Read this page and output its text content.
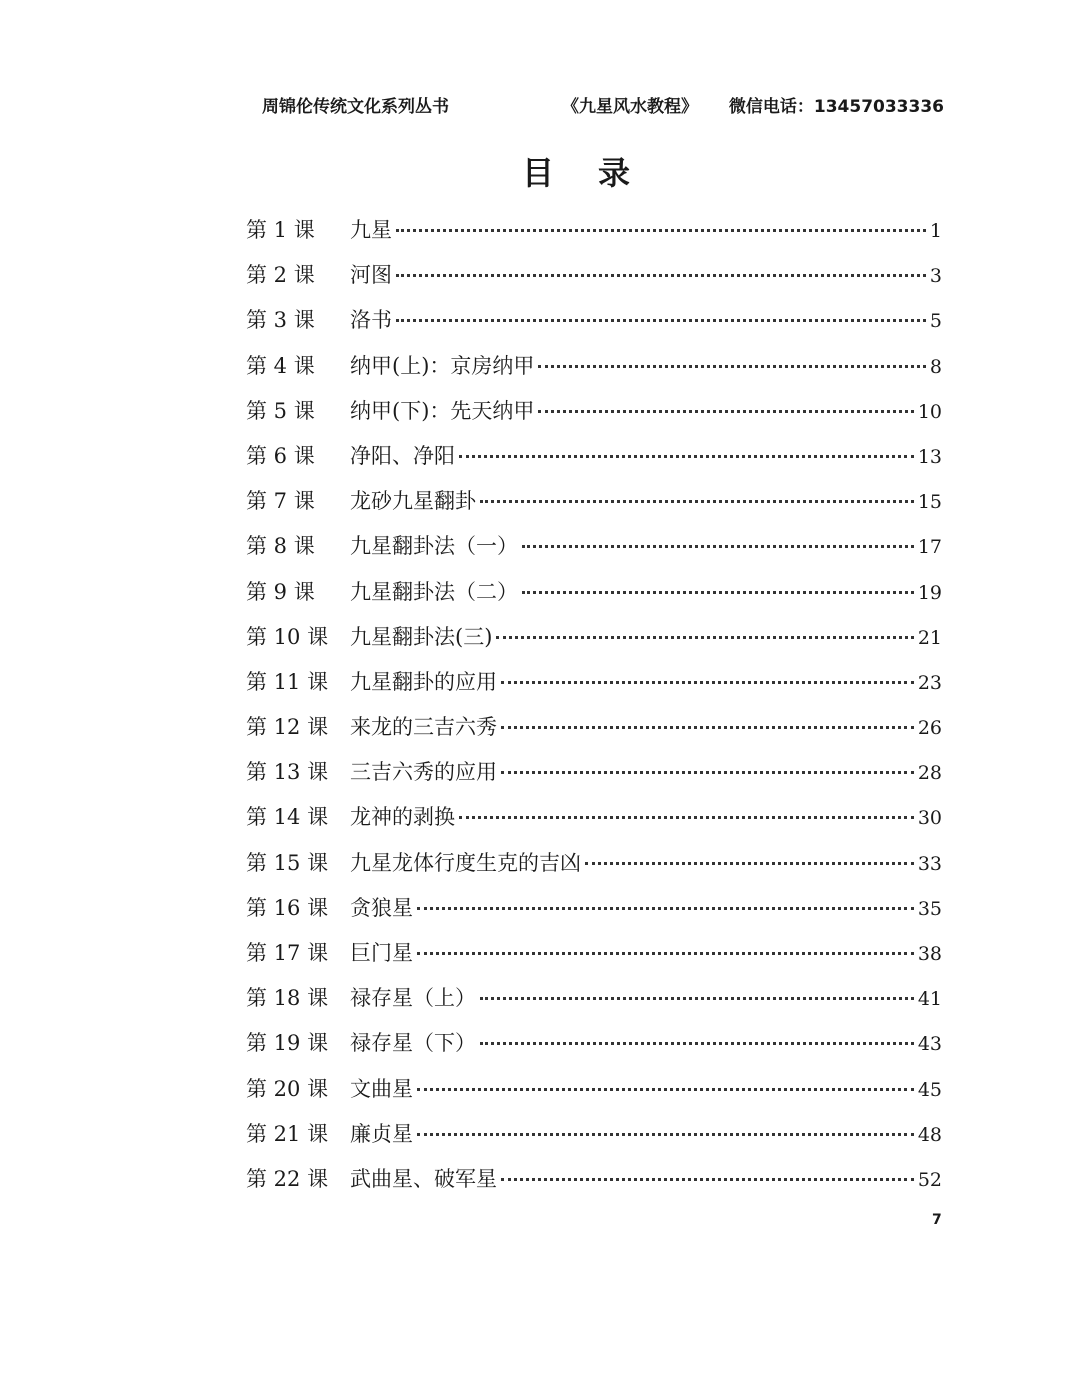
周锦伦传统文化系列丛书	《九星风水教程》 微信电话：13457033336
目录
第 1 课	九星	1
第 2 课	河图	3
第 3 课	洛书	5
第 4 课	纳甲(上)：京房纳甲	8
第 5 课	纳甲(下)：先天纳甲	10
第 6 课	净阳、净阳	13
第 7 课	龙砂九星翻卦	15
第 8 课	九星翻卦法（一）	17
第 9 课	九星翻卦法（二）	19
第 10 课	九星翻卦法(三)	21
第 11 课	九星翻卦的应用	23
第 12 课	来龙的三吉六秀	26
第 13 课	三吉六秀的应用	28
第 14 课	龙神的剥换	30
第 15 课	九星龙体行度生克的吉凶	33
第 16 课	贪狼星	35
第 17 课	巨门星	38
第 18 课	禄存星（上）	41
第 19 课	禄存星（下）	43
第 20 课	文曲星	45
第 21 课	廉贞星	48
第 22 课	武曲星、破军星	52
7
